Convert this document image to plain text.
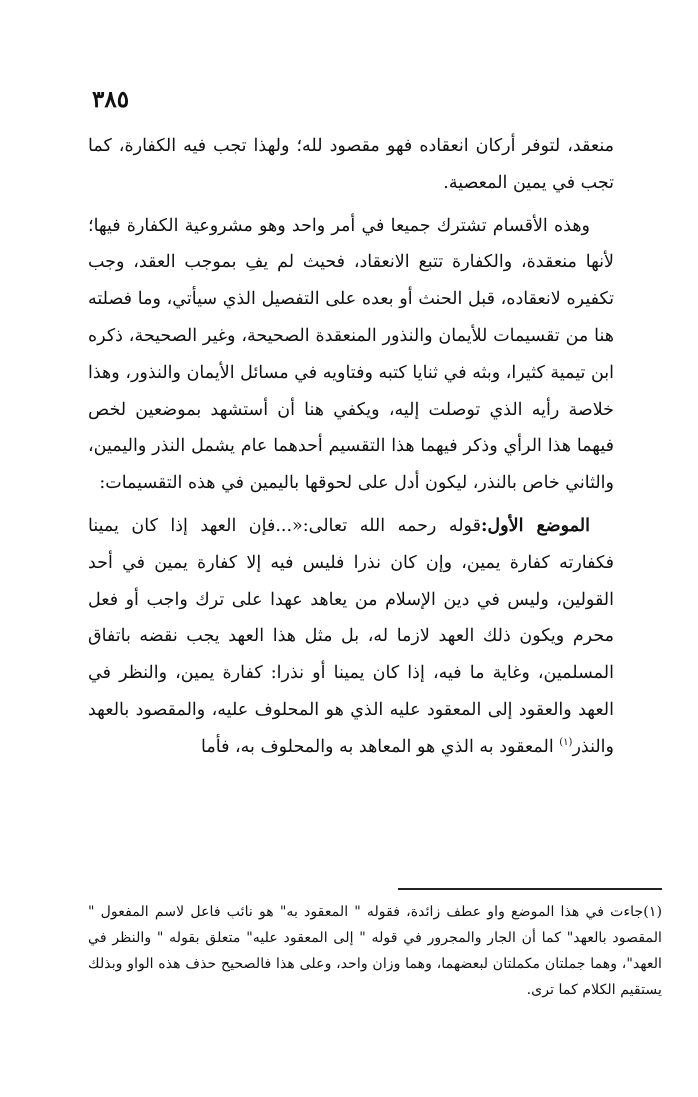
٣٨٥

منعقد، لتوفر أركان انعقاده فهو مقصود لله؛ ولهذا تجب فيه الكفارة، كما تجب في يمين المعصية.

وهذه الأقسام تشترك جميعا في أمر واحد وهو مشروعية الكفارة فيها؛ لأنها منعقدة، والكفارة تتبع الانعقاد، فحيث لم يفِ بموجب العقد، وجب تكفيره لانعقاده، قبل الحنث أو بعده على التفصيل الذي سيأتي، وما فصلته هنا من تقسيمات للأيمان والنذور المنعقدة الصحيحة، وغير الصحيحة، ذكره ابن تيمية كثيرا، وبثه في ثنايا كتبه وفتاويه في مسائل الأيمان والنذور، وهذا خلاصة رأيه الذي توصلت إليه، ويكفي هنا أن أستشهد بموضعين لخص فيهما هذا الرأي وذكر فيهما هذا التقسيم أحدهما عام يشمل النذر واليمين، والثاني خاص بالنذر، ليكون أدل على لحوقها باليمين في هذه التقسيمات:

الموضع الأول:قوله رحمه الله تعالى:«...فإن العهد إذا كان يمينا فكفارته كفارة يمين، وإن كان نذرا فليس فيه إلا كفارة يمين في أحد القولين، وليس في دين الإسلام من يعاهد عهدا على ترك واجب أو فعل محرم ويكون ذلك العهد لازما له، بل مثل هذا العهد يجب نقضه باتفاق المسلمين، وغاية ما فيه، إذا كان يمينا أو نذرا: كفارة يمين، والنظر في العهد والعقود إلى المعقود عليه الذي هو المحلوف عليه، والمقصود بالعهد والنذر$^{(١)}$ المعقود به الذي هو المعاهد به والمحلوف به، فأما

(١)جاءت في هذا الموضع واو عطف زائدة، فقوله " المعقود به" هو نائب فاعل لاسم المفعول " المقصود بالعهد" كما أن الجار والمجرور في قوله " إلى المعقود عليه" متعلق بقوله " والنظر في العهد"، وهما جملتان مكملتان لبعضهما، وهما وزان واحد، وعلى هذا فالصحيح حذف هذه الواو وبذلك يستقيم الكلام كما ترى.
